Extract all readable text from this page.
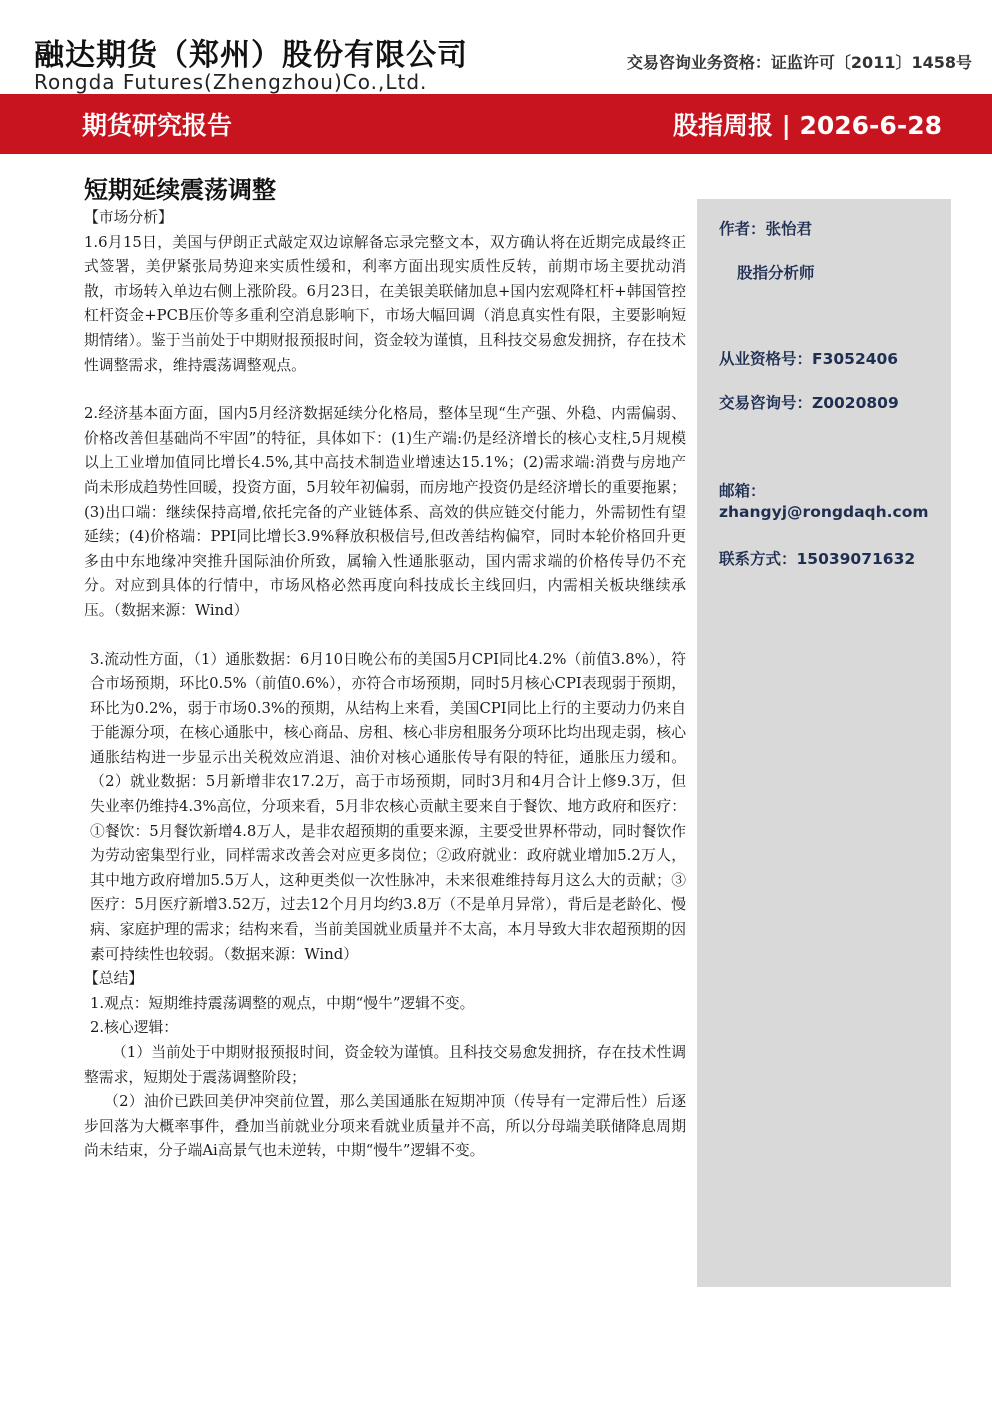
融达期货（郑州）股份有限公司
Rongda Futures(Zhengzhou)Co.,Ltd.
交易咨询业务资格：证监许可〔2011〕1458号
期货研究报告	股指周报 | 2026-6-28
短期延续震荡调整

【市场分析】

1.6月15日，美国与伊朗正式敲定双边谅解备忘录完整文本，双方确认将在近期完成最终正式签署，美伊紧张局势迎来实质性缓和，利率方面出现实质性反转，前期市场主要扰动消散，市场转入单边右侧上涨阶段。6月23日，在美银美联储加息+国内宏观降杠杆+韩国管控杠杆资金+PCB压价等多重利空消息影响下，市场大幅回调（消息真实性有限，主要影响短期情绪）。鉴于当前处于中期财报预报时间，资金较为谨慎，且科技交易愈发拥挤，存在技术性调整需求，维持震荡调整观点。

2.经济基本面方面，国内5月经济数据延续分化格局，整体呈现“生产强、外稳、内需偏弱、价格改善但基础尚不牢固”的特征，具体如下：(1)生产端:仍是经济增长的核心支柱,5月规模以上工业增加值同比增长4.5%,其中高技术制造业增速达15.1%；(2)需求端:消费与房地产尚未形成趋势性回暖，投资方面，5月较年初偏弱，而房地产投资仍是经济增长的重要拖累；(3)出口端：继续保持高增,依托完备的产业链体系、高效的供应链交付能力，外需韧性有望延续；(4)价格端：PPI同比增长3.9%释放积极信号,但改善结构偏窄，同时本轮价格回升更多由中东地缘冲突推升国际油价所致，属输入性通胀驱动，国内需求端的价格传导仍不充分。对应到具体的行情中，市场风格必然再度向科技成长主线回归，内需相关板块继续承压。（数据来源：Wind）

3.流动性方面，（1）通胀数据：6月10日晚公布的美国5月CPI同比4.2%（前值3.8%），符合市场预期，环比0.5%（前值0.6%），亦符合市场预期，同时5月核心CPI表现弱于预期，环比为0.2%，弱于市场0.3%的预期，从结构上来看，美国CPI同比上行的主要动力仍来自于能源分项，在核心通胀中，核心商品、房租、核心非房租服务分项环比均出现走弱，核心通胀结构进一步显示出关税效应消退、油价对核心通胀传导有限的特征，通胀压力缓和。（2）就业数据：5月新增非农17.2万，高于市场预期，同时3月和4月合计上修9.3万，但失业率仍维持4.3%高位，分项来看，5月非农核心贡献主要来自于餐饮、地方政府和医疗：①餐饮：5月餐饮新增4.8万人，是非农超预期的重要来源，主要受世界杯带动，同时餐饮作为劳动密集型行业，同样需求改善会对应更多岗位；②政府就业：政府就业增加5.2万人，其中地方政府增加5.5万人，这种更类似一次性脉冲，未来很难维持每月这么大的贡献；③医疗：5月医疗新增3.52万，过去12个月月均约3.8万（不是单月异常），背后是老龄化、慢病、家庭护理的需求；结构来看，当前美国就业质量并不太高，本月导致大非农超预期的因素可持续性也较弱。（数据来源：Wind）

【总结】

1.观点：短期维持震荡调整的观点，中期“慢牛”逻辑不变。

2.核心逻辑：

（1）当前处于中期财报预报时间，资金较为谨慎。且科技交易愈发拥挤，存在技术性调整需求，短期处于震荡调整阶段；

（2）油价已跌回美伊冲突前位置，那么美国通胀在短期冲顶（传导有一定滞后性）后逐步回落为大概率事件，叠加当前就业分项来看就业质量并不高，所以分母端美联储降息周期尚未结束，分子端Ai高景气也未逆转，中期“慢牛”逻辑不变。

作者：张怡君
股指分析师
从业资格号：F3052406
交易咨询号：Z0020809
邮箱：
zhangyj@rongdaqh.com
联系方式：15039071632
